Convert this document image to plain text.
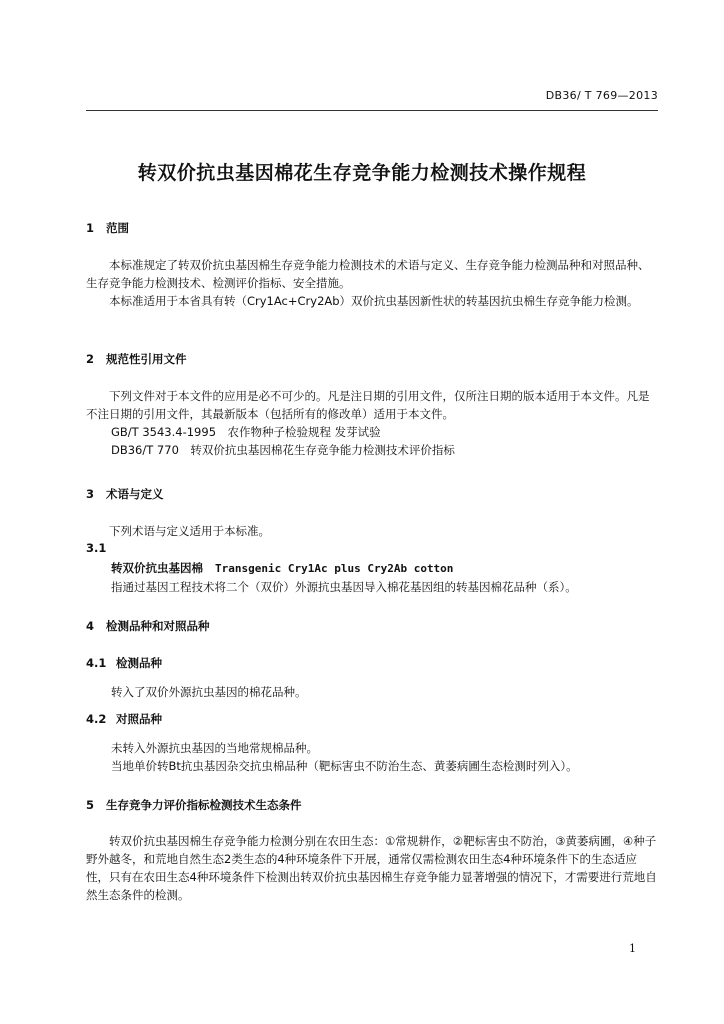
DB36/ T 769—2013
转双价抗虫基因棉花生存竞争能力检测技术操作规程
1 范围

本标准规定了转双价抗虫基因棉生存竞争能力检测技术的术语与定义、生存竞争能力检测品种和对照品种、生存竞争能力检测技术、检测评价指标、安全措施。

本标准适用于本省具有转（Cry1Ac+Cry2Ab）双价抗虫基因新性状的转基因抗虫棉生存竞争能力检测。

2 规范性引用文件

下列文件对于本文件的应用是必不可少的。凡是注日期的引用文件，仅所注日期的版本适用于本文件。凡是不注日期的引用文件，其最新版本（包括所有的修改单）适用于本文件。

GB/T 3543.4-1995　农作物种子检验规程 发芽试验

DB36/T 770　转双价抗虫基因棉花生存竞争能力检测技术评价指标

3 术语与定义

下列术语与定义适用于本标准。

3.1

转双价抗虫基因棉 Transgenic Cry1Ac plus Cry2Ab cotton

指通过基因工程技术将二个（双价）外源抗虫基因导入棉花基因组的转基因棉花品种（系）。

4 检测品种和对照品种
4.1 检测品种

转入了双价外源抗虫基因的棉花品种。

4.2 对照品种

未转入外源抗虫基因的当地常规棉品种。

当地单价转Bt抗虫基因杂交抗虫棉品种（靶标害虫不防治生态、黄萎病圃生态检测时列入）。

5 生存竞争力评价指标检测技术生态条件

转双价抗虫基因棉生存竞争能力检测分别在农田生态：①常规耕作，②靶标害虫不防治，③黄萎病圃，④种子野外越冬，和荒地自然生态2类生态的4种环境条件下开展，通常仅需检测农田生态4种环境条件下的生态适应性，只有在农田生态4种环境条件下检测出转双价抗虫基因棉生存竞争能力显著增强的情况下，才需要进行荒地自然生态条件的检测。

1
